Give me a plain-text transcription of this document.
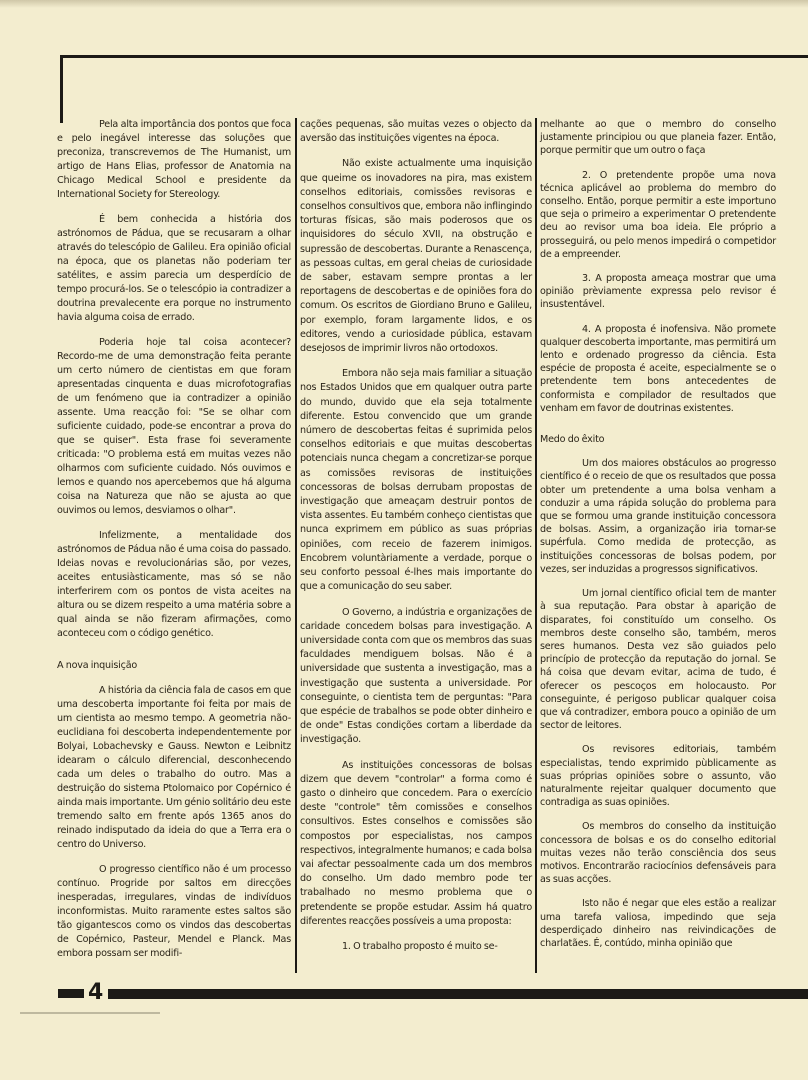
Pela alta importância dos pontos que foca e pelo inegável interesse das soluções que preconiza, transcrevemos de The Humanist, um artigo de Hans Elias, professor de Anatomia na Chicago Medical School e presidente da International Society for Stereology.

É bem conhecida a história dos astrónomos de Pádua, que se recusaram a olhar através do telescópio de Galileu. Era opinião oficial na época, que os planetas não poderiam ter satélites, e assim parecia um desperdício de tempo procurá-los. Se o telescópio ia contradizer a doutrina prevalecente era porque no instrumento havia alguma coisa de errado.

Poderia hoje tal coisa acontecer? Recordo-me de uma demonstração feita perante um certo número de cientistas em que foram apresentadas cinquenta e duas microfotografias de um fenómeno que ia contradizer a opinião assente. Uma reacção foi: "Se se olhar com suficiente cuidado, pode-se encontrar a prova do que se quiser". Esta frase foi severamente criticada: "O problema está em muitas vezes não olharmos com suficiente cuidado. Nós ouvimos e lemos e quando nos apercebemos que há alguma coisa na Natureza que não se ajusta ao que ouvimos ou lemos, desviamos o olhar".

Infelizmente, a mentalidade dos astrónomos de Pádua não é uma coisa do passado. Ideias novas e revolucionárias são, por vezes, aceites entusiàsticamente, mas só se não interferirem com os pontos de vista aceites na altura ou se dizem respeito a uma matéria sobre a qual ainda se não fizeram afirmações, como aconteceu com o código genético.

A nova inquisição

A história da ciência fala de casos em que uma descoberta importante foi feita por mais de um cientista ao mesmo tempo. A geometria não-euclidiana foi descoberta independentemente por Bolyai, Lobachevsky e Gauss. Newton e Leibnitz idearam o cálculo diferencial, desconhecendo cada um deles o trabalho do outro. Mas a destruição do sistema Ptolomaico por Copérnico é ainda mais importante. Um génio solitário deu este tremendo salto em frente após 1365 anos do reinado indisputado da ideia do que a Terra era o centro do Universo.

O progresso científico não é um processo contínuo. Progride por saltos em direcções inesperadas, irregulares, vindas de indivíduos inconformistas. Muito raramente estes saltos são tão gigantescos como os vindos das descobertas de Copérnico, Pasteur, Mendel e Planck. Mas embora possam ser modifi-

cações pequenas, são muitas vezes o objecto da aversão das instituições vigentes na época.

Não existe actualmente uma inquisição que queime os inovadores na pira, mas existem conselhos editoriais, comissões revisoras e conselhos consultivos que, embora não inflingindo torturas físicas, são mais poderosos que os inquisidores do século XVII, na obstrução e supressão de descobertas. Durante a Renascença, as pessoas cultas, em geral cheias de curiosidade de saber, estavam sempre prontas a ler reportagens de descobertas e de opiniões fora do comum. Os escritos de Giordiano Bruno e Galileu, por exemplo, foram largamente lidos, e os editores, vendo a curiosidade pública, estavam desejosos de imprimir livros não ortodoxos.

Embora não seja mais familiar a situação nos Estados Unidos que em qualquer outra parte do mundo, duvido que ela seja totalmente diferente. Estou convencido que um grande número de descobertas feitas é suprimida pelos conselhos editoriais e que muitas descobertas potenciais nunca chegam a concretizar-se porque as comissões revisoras de instituições concessoras de bolsas derrubam propostas de investigação que ameaçam destruir pontos de vista assentes. Eu também conheço cientistas que nunca exprimem em público as suas próprias opiniões, com receio de fazerem inimigos. Encobrem voluntàriamente a verdade, porque o seu conforto pessoal é-lhes mais importante do que a comunicação do seu saber.

O Governo, a indústria e organizações de caridade concedem bolsas para investigação. A universidade conta com que os membros das suas faculdades mendiguem bolsas. Não é a universidade que sustenta a investigação, mas a investigação que sustenta a universidade. Por conseguinte, o cientista tem de perguntas: "Para que espécie de trabalhos se pode obter dinheiro e de onde" Estas condições cortam a liberdade da investigação.

As instituições concessoras de bolsas dizem que devem "controlar" a forma como é gasto o dinheiro que concedem. Para o exercício deste "controle" têm comissões e conselhos consultivos. Estes conselhos e comissões são compostos por especialistas, nos campos respectivos, integralmente humanos; e cada bolsa vai afectar pessoalmente cada um dos membros do conselho. Um dado membro pode ter trabalhado no mesmo problema que o pretendente se propõe estudar. Assim há quatro diferentes reacções possíveis a uma proposta:

1. O trabalho proposto é muito se-

melhante ao que o membro do conselho justamente principiou ou que planeia fazer. Então, porque permitir que um outro o faça

2. O pretendente propõe uma nova técnica aplicável ao problema do membro do conselho. Então, porque permitir a este importuno que seja o primeiro a experimentar O pretendente deu ao revisor uma boa ideia. Ele próprio a prosseguirá, ou pelo menos impedirá o competidor de a empreender.

3. A proposta ameaça mostrar que uma opinião prèviamente expressa pelo revisor é insustentável.

4. A proposta é inofensiva. Não promete qualquer descoberta importante, mas permitirá um lento e ordenado progresso da ciência. Esta espécie de proposta é aceite, especialmente se o pretendente tem bons antecedentes de conformista e compilador de resultados que venham em favor de doutrinas existentes.

Medo do êxito

Um dos maiores obstáculos ao progresso científico é o receio de que os resultados que possa obter um pretendente a uma bolsa venham a conduzir a uma rápida solução do problema para que se formou uma grande instituição concessora de bolsas. Assim, a organização iria tornar-se supérfula. Como medida de protecção, as instituições concessoras de bolsas podem, por vezes, ser induzidas a progressos significativos.

Um jornal científico oficial tem de manter à sua reputação. Para obstar à aparição de disparates, foi constituído um conselho. Os membros deste conselho são, também, meros seres humanos. Desta vez são guiados pelo princípio de protecção da reputação do jornal. Se há coisa que devam evitar, acima de tudo, é oferecer os pescoços em holocausto. Por conseguinte, é perigoso publicar qualquer coisa que vá contradizer, embora pouco a opinião de um sector de leitores.

Os revisores editoriais, também especialistas, tendo exprimido pùblicamente as suas próprias opiniões sobre o assunto, vão naturalmente rejeitar qualquer documento que contradiga as suas opiniões.

Os membros do conselho da instituição concessora de bolsas e os do conselho editorial muitas vezes não terão consciência dos seus motivos. Encontrarão raciocínios defensáveis para as suas acções.

Isto não é negar que eles estão a realizar uma tarefa valiosa, impedindo que seja desperdiçado dinheiro nas reivindicações de charlatães. É, contúdo, minha opinião que

4
